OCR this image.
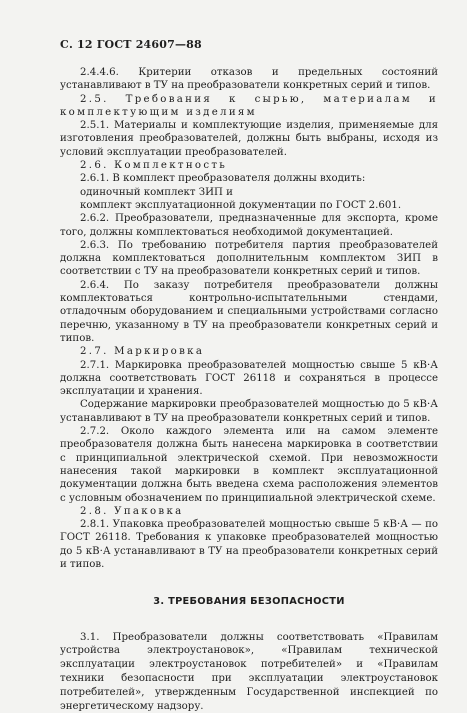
С. 12 ГОСТ 24607—88

2.4.4.6. Критерии отказов и предельных состояний устанавливают в ТУ на преобразователи конкретных серий и типов.

2.5. Требования к сырью, материалам и комплектующим изделиям

2.5.1. Материалы и комплектующие изделия, применяемые для изготовления преобразователей, должны быть выбраны, исходя из условий эксплуатации преобразователей.

2.6. Комплектность

2.6.1. В комплект преобразователя должны входить:

одиночный комплект ЗИП и

комплект эксплуатационной документации по ГОСТ 2.601.

2.6.2. Преобразователи, предназначенные для экспорта, кроме того, должны комплектоваться необходимой документацией.

2.6.3. По требованию потребителя партия преобразователей должна комплектоваться дополнительным комплектом ЗИП в соответствии с ТУ на преобразователи конкретных серий и типов.

2.6.4. По заказу потребителя преобразователи должны комплектоваться контрольно-испытательными стендами, отладочным оборудованием и специальными устройствами согласно перечню, указанному в ТУ на преобразователи конкретных серий и типов.

2.7. Маркировка

2.7.1. Маркировка преобразователей мощностью свыше 5 кВ·А должна соответствовать ГОСТ 26118 и сохраняться в процессе эксплуатации и хранения.

Содержание маркировки преобразователей мощностью до 5 кВ·А устанавливают в ТУ на преобразователи конкретных серий и типов.

2.7.2. Около каждого элемента или на самом элементе преобразователя должна быть нанесена маркировка в соответствии с принципиальной электрической схемой. При невозможности нанесения такой маркировки в комплект эксплуатационной документации должна быть введена схема расположения элементов с условным обозначением по принципиальной электрической схеме.

2.8. Упаковка

2.8.1. Упаковка преобразователей мощностью свыше 5 кВ·А — по ГОСТ 26118. Требования к упаковке преобразователей мощностью до 5 кВ·А устанавливают в ТУ на преобразователи конкретных серий и типов.

3. ТРЕБОВАНИЯ БЕЗОПАСНОСТИ

3.1. Преобразователи должны соответствовать «Правилам устройства электроустановок», «Правилам технической эксплуатации электроустановок потребителей» и «Правилам техники безопасности при эксплуатации электроустановок потребителей», утвержденным Государственной инспекцией по энергетическому надзору.
